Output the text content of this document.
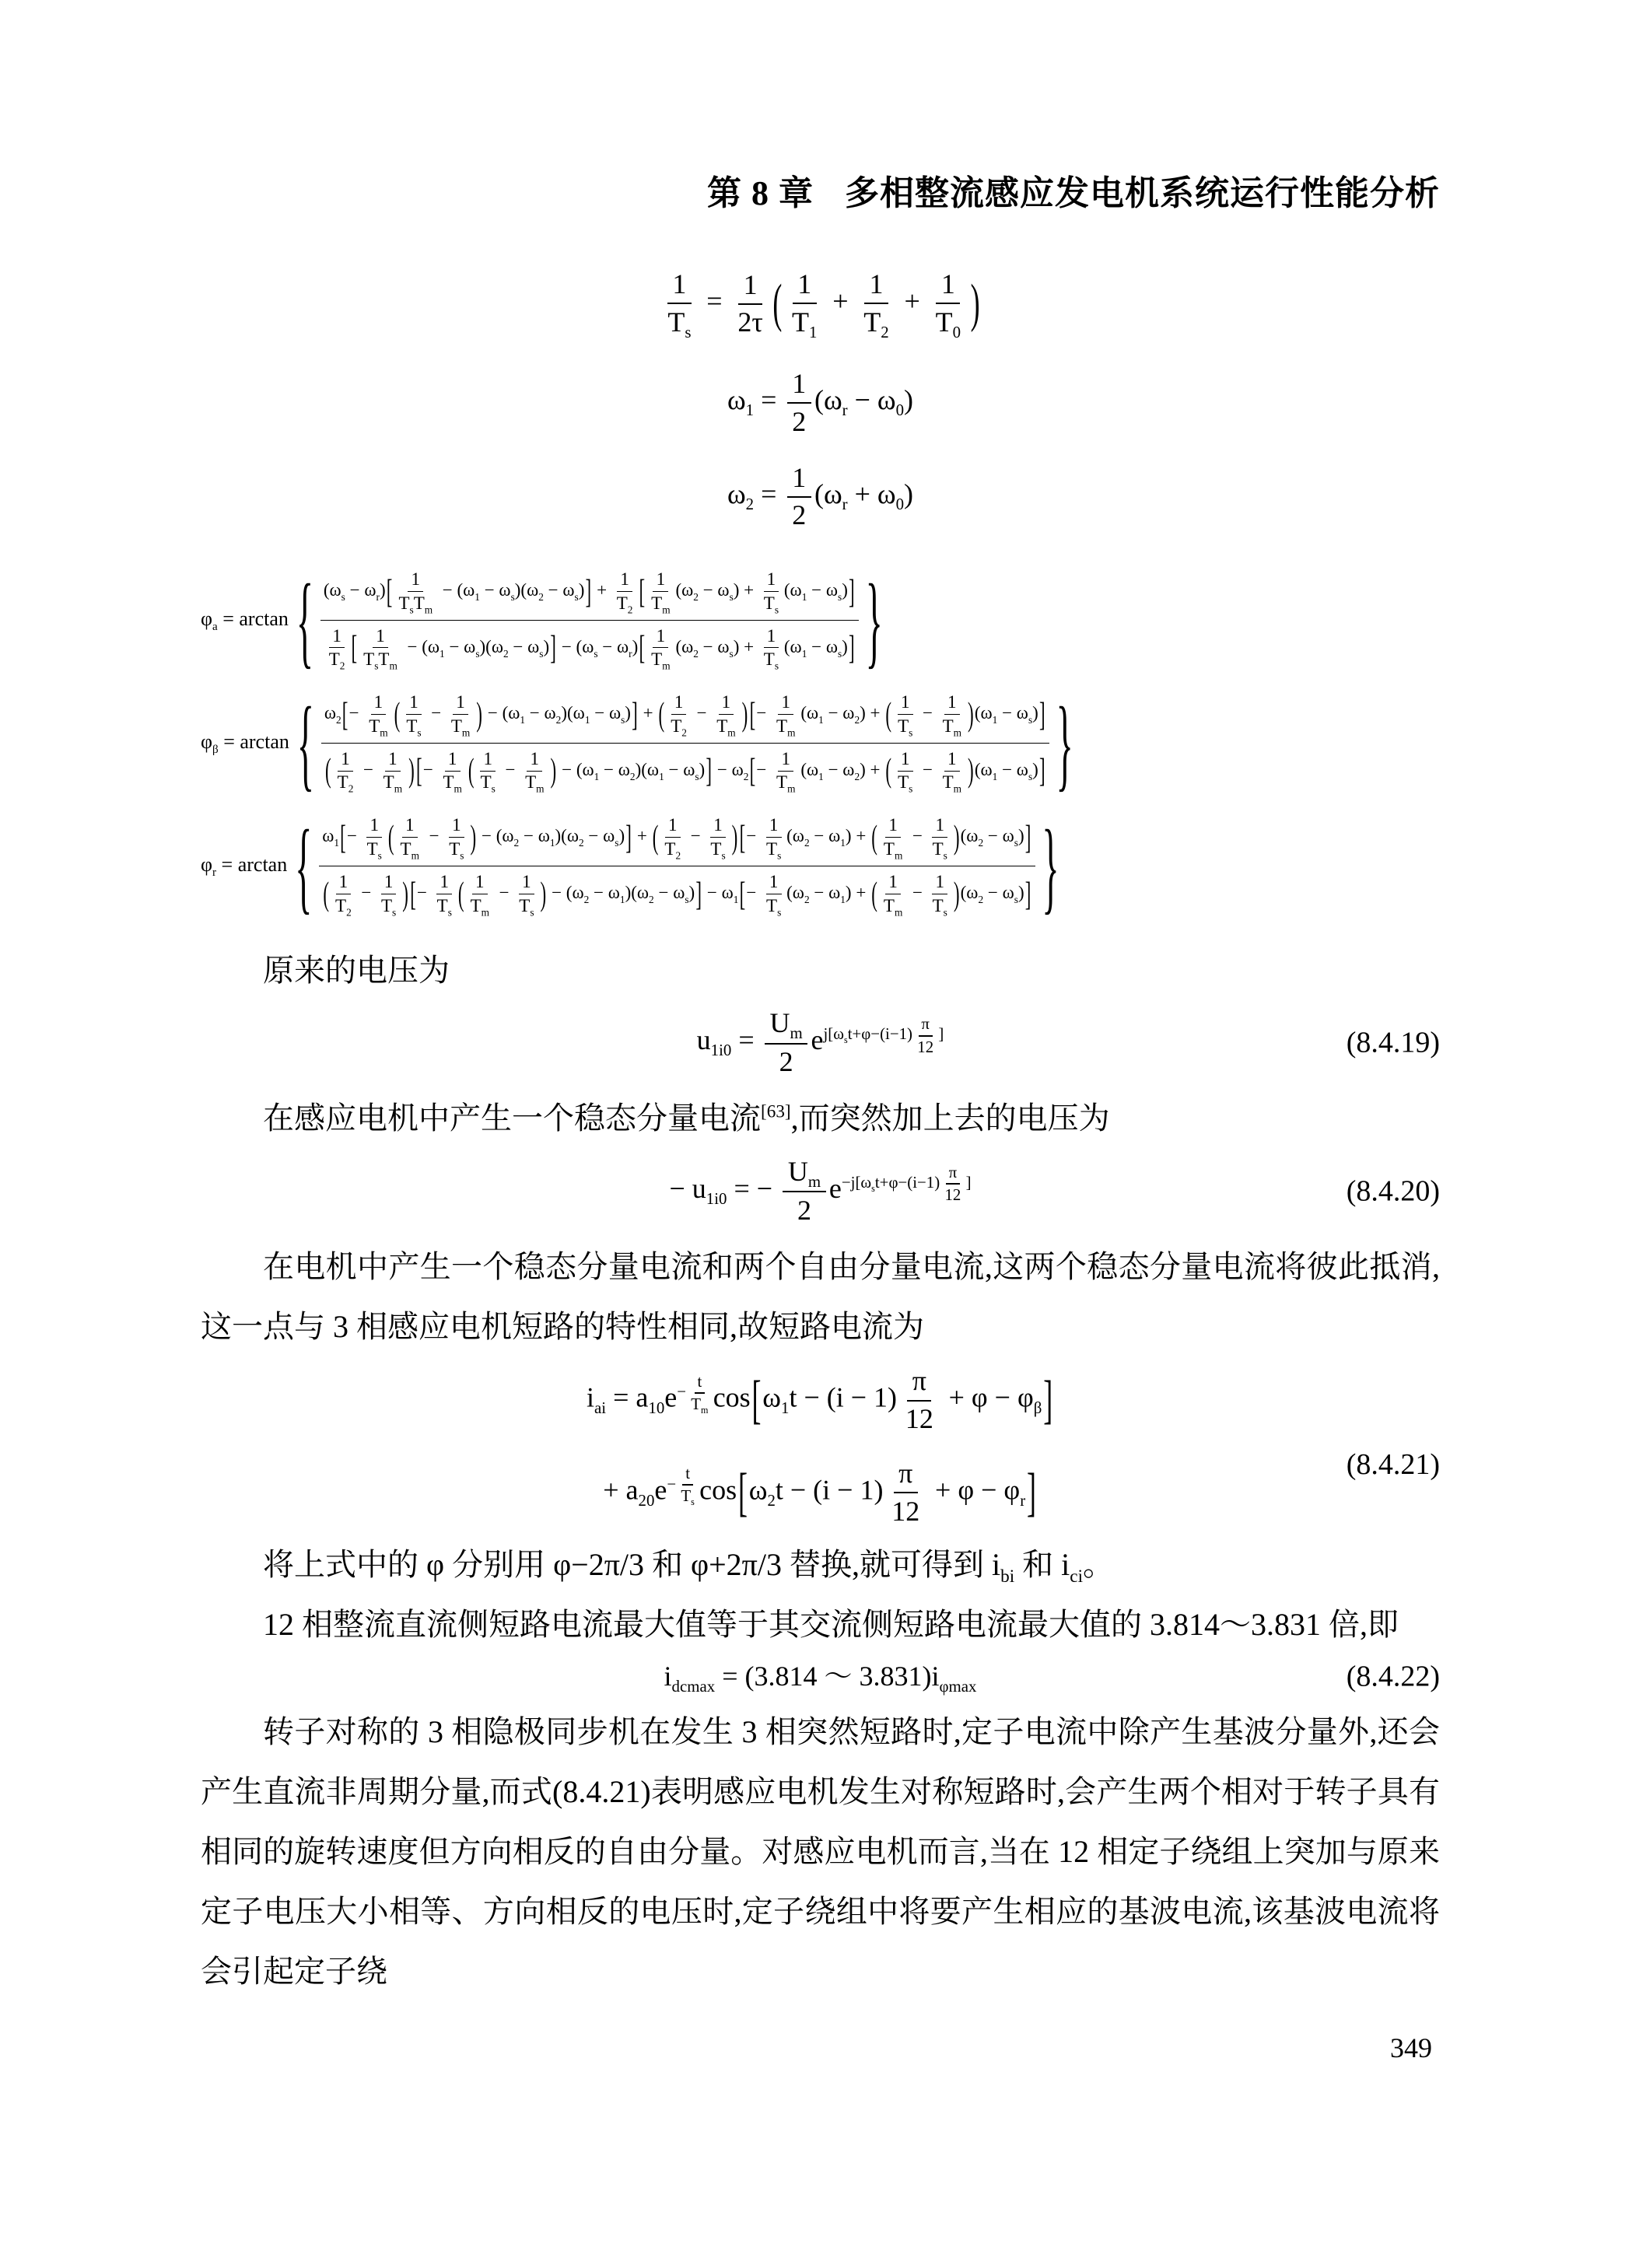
第 8 章 多相整流感应发电机系统运行性能分析
$\frac{1}{T_s} = \frac{1}{2\tau}$ ( $\frac{1}{T_1} + \frac{1}{T_2} + \frac{1}{T_0}$ )
$\omega_1 = \frac{1}{2} (\omega_r - \omega_0)$
$\omega_2 = \frac{1}{2} (\omega_r + \omega_0)$
$\varphi_a = \arctan$ { $(\omega_s - \omega_r)$[ 1
$T_sT_m$
− $(\omega_1 - \omega_s)(\omega_2 - \omega_s)] + \frac{1}{T_2}$ [ $\frac{1}{T_m} (\omega_2 - \omega_s) + \frac{1}{T_s} (\omega_1 - \omega_s)$]
$\frac{1}{T_2}$ [ 1
$T_sT_m$
− $(\omega_1 - \omega_s)(\omega_2 - \omega_s)] - (\omega_s - \omega_r)[ \frac{1}{T_m} (\omega_2 - \omega_s) + \frac{1}{T_s} (\omega_1 - \omega_s)]$ }
$\varphi_\beta = \arctan$ { $\omega_2[- \frac{1}{T_m}$ ( $\frac{1}{T_s} - \frac{1}{T_m}$ ) − $(\omega_1 - \omega_2)(\omega_1 - \omega_s)$] + ( $\frac{1}{T_2} - \frac{1}{T_m}$ )[− $\frac{1}{T_m} (\omega_1 - \omega_2)$ + ( $\frac{1}{T_s} - \frac{1}{T_m} )(\omega_1 - \omega_s)$]
( $\frac{1}{T_2} - \frac{1}{T_m}$ )[− $\frac{1}{T_m}$ ( $\frac{1}{T_s} - \frac{1}{T_m}$ ) − $(\omega_1 - \omega_2)(\omega_1 - \omega_s)] - \omega_2[- \frac{1}{T_m} (\omega_1 - \omega_2)$ + ( $\frac{1}{T_s} - \frac{1}{T_m} )(\omega_1 - \omega_s)$] }
$\varphi_r = \arctan$ { $\omega_1[- \frac{1}{T_s}$ ( $\frac{1}{T_m} - \frac{1}{T_s}$ ) − $(\omega_2 - \omega_1)(\omega_2 - \omega_s)$] + ( $\frac{1}{T_2} - \frac{1}{T_s}$ )[− $\frac{1}{T_s} (\omega_2 - \omega_1)$ + ( $\frac{1}{T_m} - \frac{1}{T_s} )(\omega_2 - \omega_s)$]
( $\frac{1}{T_2} - \frac{1}{T_s}$ )[− $\frac{1}{T_s}$ ( $\frac{1}{T_m} - \frac{1}{T_s}$ ) − $(\omega_2 - \omega_1)(\omega_2 - \omega_s)] - \omega_1[- \frac{1}{T_s} (\omega_2 - \omega_1)$ + ( $\frac{1}{T_m} - \frac{1}{T_s} )(\omega_2 - \omega_s)$] }
原来的电压为
$u_{1i0} = \frac{U_m}{2} e^{j[\omega_st+\varphi-(i-1) \frac{\pi}{12} ]}$	(8.4.19)
在感应电机中产生一个稳态分量电流[63],而突然加上去的电压为
− $u_{1i0}$ = − $\frac{U_m}{2} e^{-j[\omega_st+\varphi-(i-1) \frac{\pi}{12} ]}$	(8.4.20)
在电机中产生一个稳态分量电流和两个自由分量电流,这两个稳态分量电流将彼此抵消,这一点与 3 相感应电机短路的特性相同,故短路电流为
$i_{ai} = a_{10}e^{- \frac{t}{T_m}}$ $\cos[\omega_1t - (i - 1) \frac{\pi}{12} + \varphi - \varphi_\beta]$
+ $a_{20}e^{- \frac{t}{T_s}}$ $\cos[\omega_2t - (i - 1) \frac{\pi}{12} + \varphi - \varphi_r]$	(8.4.21)
将上式中的 φ 分别用 φ−2π/3 和 φ+2π/3 替换,就可得到 $i_{bi}$ 和 $i_{ci}$。
12 相整流直流侧短路电流最大值等于其交流侧短路电流最大值的 3.814～3.831 倍,即
$i_{dcmax} = (3.814$ ～ $3.831)i_{\varphi max}$	(8.4.22)
转子对称的 3 相隐极同步机在发生 3 相突然短路时,定子电流中除产生基波分量外,还会产生直流非周期分量,而式(8.4.21)表明感应电机发生对称短路时,会产生两个相对于转子具有相同的旋转速度但方向相反的自由分量。对感应电机而言,当在 12 相定子绕组上突加与原来定子电压大小相等、方向相反的电压时,定子绕组中将要产生相应的基波电流,该基波电流将会引起定子绕
349
